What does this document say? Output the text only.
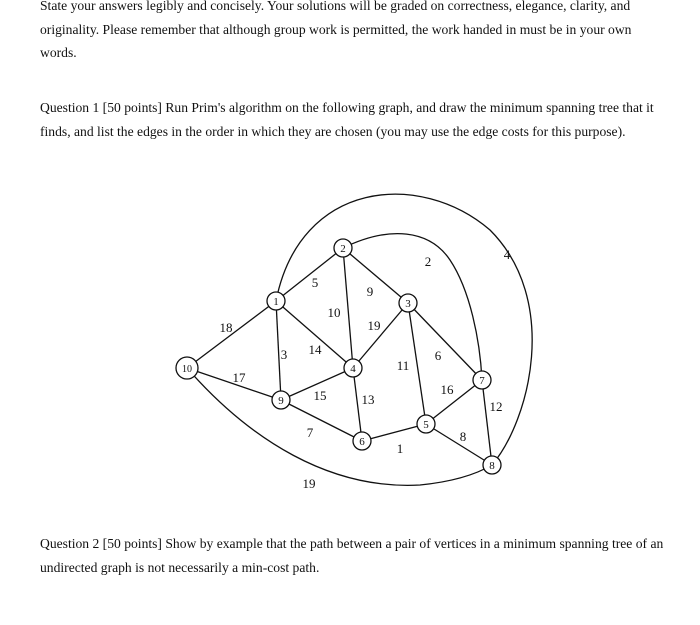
State your answers legibly and concisely. Your solutions will be graded on correctness, elegance, clarity, and originality. Please remember that although group work is permitted, the work handed in must be in your own words.

Question 1 [50 points] Run Prim's algorithm on the following graph, and draw the minimum spanning tree that it finds, and list the edges in the order in which they are chosen (you may use the edge costs for this purpose).

Question 2 [50 points] Show by example that the path between a pair of vertices in a minimum spanning tree of an undirected graph is not necessarily a min-cost path.

5
10
9
19
14
3
18
17
15	13
7
11
6
1
16
8
12
2	4
19
1
2
3
4
5
6
7
8
9
10
